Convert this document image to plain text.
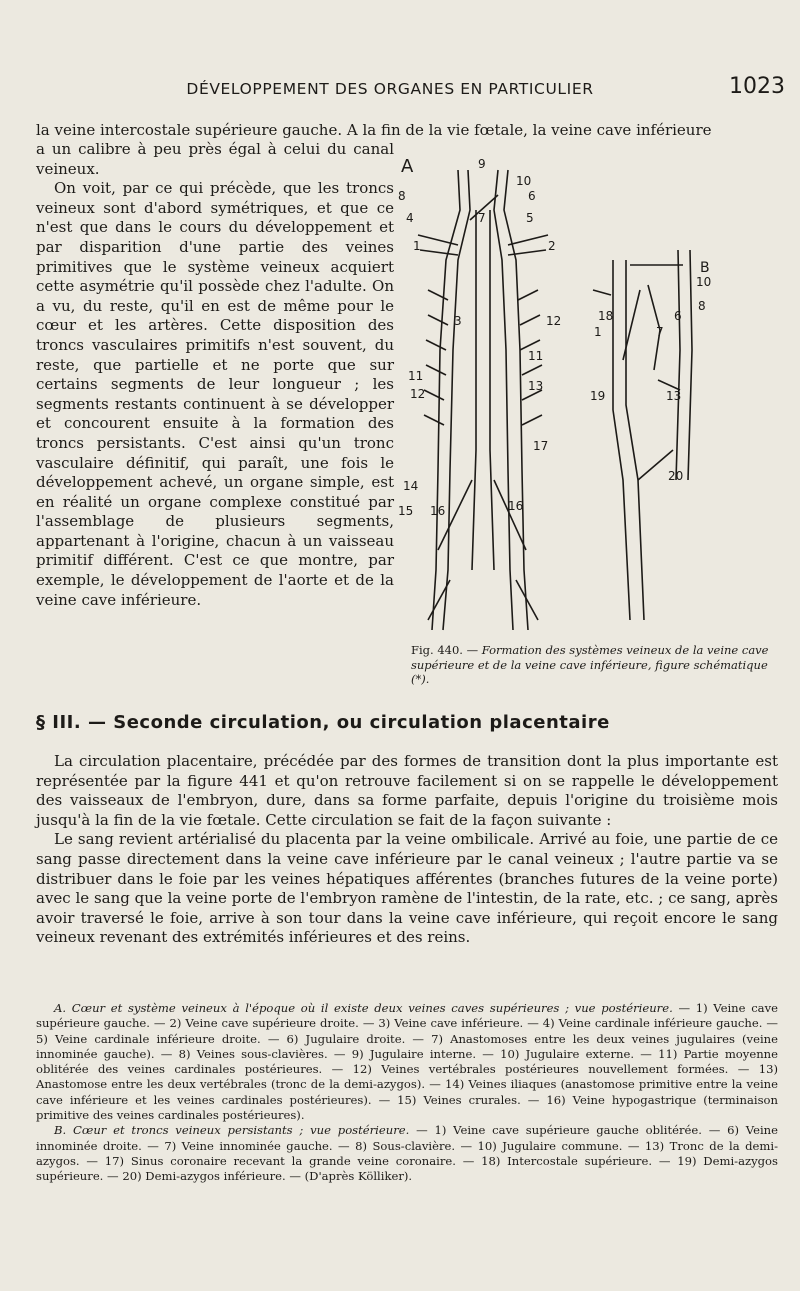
DÉVELOPPEMENT DES ORGANES EN PARTICULIER	1023

la veine intercostale supérieure gauche. A la fin de la vie fœtale, la veine cave inférieure

a un calibre à peu près égal à celui du canal veineux.

On voit, par ce qui précède, que les troncs veineux sont d'abord symétriques, et que ce n'est que dans le cours du développement et par disparition d'une partie des veines primitives que le système veineux acquiert cette asymétrie qu'il possède chez l'adulte. On a vu, du reste, qu'il en est de même pour le cœur et les artères. Cette disposition des troncs vasculaires primitifs n'est souvent, du reste, que partielle et ne porte que sur certains segments de leur longueur ; les segments restants continuent à se développer et concourent ensuite à la formation des troncs persistants. C'est ainsi qu'un tronc vasculaire définitif, qui paraît, une fois le développement achevé, un organe simple, est en réalité un organe complexe constitué par l'assemblage de plusieurs segments, appartenant à l'origine, chacun à un vaisseau primitif différent. C'est ce que montre, par exemple, le développement de l'aorte et de la veine cave inférieure.

A	9
10
8	6
4	7	5
2
1
3	12
11
11
13
12
14
17
15 16	16
B
10
8
18	6
1	7
19	13
20
Fig. 440. — Formation des systèmes veineux de la veine cave supérieure et de la veine cave inférieure, figure schématique (*).
§ III. — Seconde circulation, ou circulation placentaire

La circulation placentaire, précédée par des formes de transition dont la plus importante est représentée par la figure 441 et qu'on retrouve facilement si on se rappelle le développement des vaisseaux de l'embryon, dure, dans sa forme parfaite, depuis l'origine du troisième mois jusqu'à la fin de la vie fœtale. Cette circulation se fait de la façon suivante :

Le sang revient artérialisé du placenta par la veine ombilicale. Arrivé au foie, une partie de ce sang passe directement dans la veine cave inférieure par le canal veineux ; l'autre partie va se distribuer dans le foie par les veines hépatiques afférentes (branches futures de la veine porte) avec le sang que la veine porte de l'embryon ramène de l'intestin, de la rate, etc. ; ce sang, après avoir traversé le foie, arrive à son tour dans la veine cave inférieure, qui reçoit encore le sang veineux revenant des extrémités inférieures et des reins.

A. Cœur et système veineux à l'époque où il existe deux veines caves supérieures ; vue postérieure. — 1) Veine cave supérieure gauche. — 2) Veine cave supérieure droite. — 3) Veine cave inférieure. — 4) Veine cardinale inférieure gauche. — 5) Veine cardinale inférieure droite. — 6) Jugulaire droite. — 7) Anastomoses entre les deux veines jugulaires (veine innominée gauche). — 8) Veines sous-clavières. — 9) Jugulaire interne. — 10) Jugulaire externe. — 11) Partie moyenne oblitérée des veines cardinales postérieures. — 12) Veines vertébrales postérieures nouvellement formées. — 13) Anastomose entre les deux vertébrales (tronc de la demi-azygos). — 14) Veines iliaques (anastomose primitive entre la veine cave inférieure et les veines cardinales postérieures). — 15) Veines crurales. — 16) Veine hypogastrique (terminaison primitive des veines cardinales postérieures).

B. Cœur et troncs veineux persistants ; vue postérieure. — 1) Veine cave supérieure gauche oblitérée. — 6) Veine innominée droite. — 7) Veine innominée gauche. — 8) Sous-clavière. — 10) Jugulaire commune. — 13) Tronc de la demi-azygos. — 17) Sinus coronaire recevant la grande veine coronaire. — 18) Intercostale supérieure. — 19) Demi-azygos supérieure. — 20) Demi-azygos inférieure. — (D'après Kölliker).
